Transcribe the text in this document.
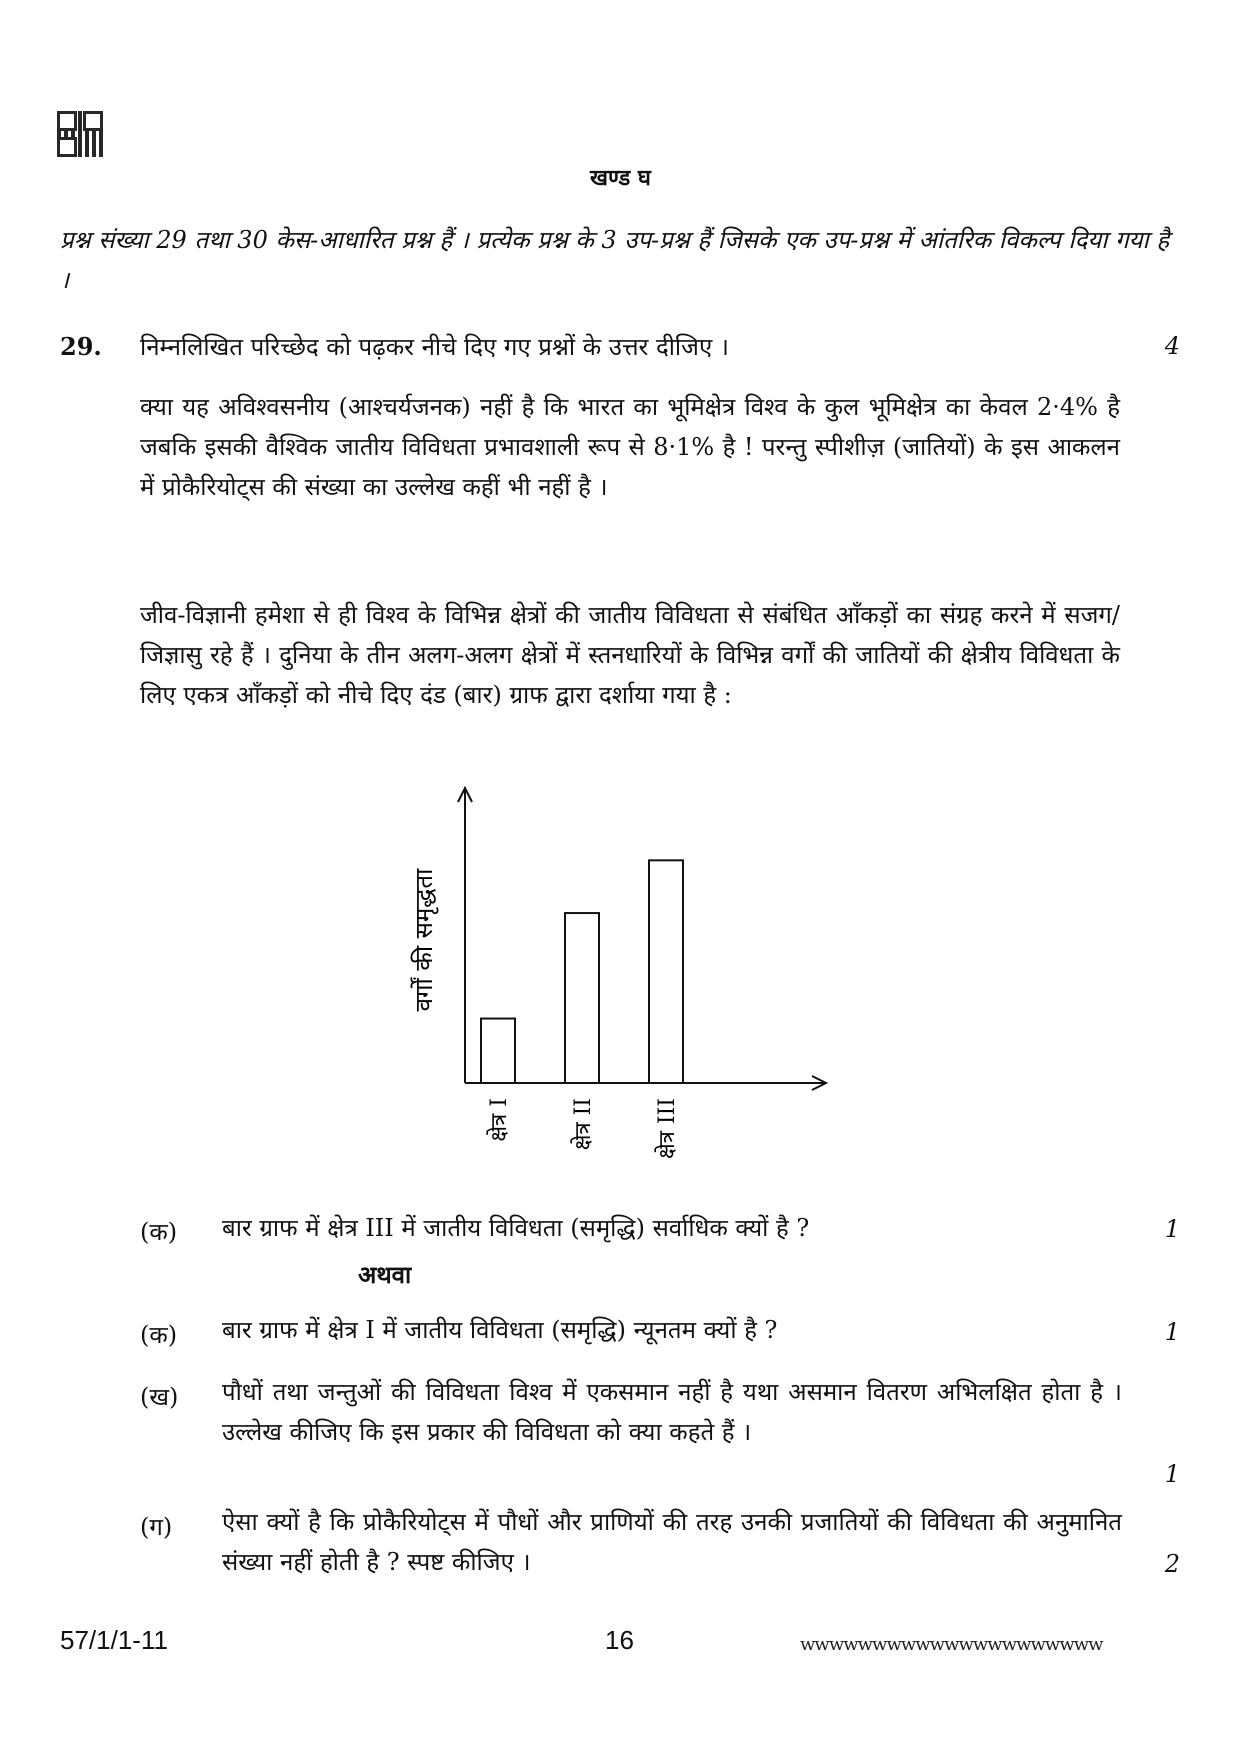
खण्ड घ
प्रश्न संख्या 29 तथा 30 केस-आधारित प्रश्न हैं । प्रत्येक प्रश्न के 3 उप-प्रश्न हैं जिसके एक उप-प्रश्न में आंतरिक विकल्प दिया गया है ।
29. निम्नलिखित परिच्छेद को पढ़कर नीचे दिए गए प्रश्नों के उत्तर दीजिए ।	4
क्या यह अविश्वसनीय (आश्चर्यजनक) नहीं है कि भारत का भूमिक्षेत्र विश्व के कुल भूमिक्षेत्र का केवल 2·4% है जबकि इसकी वैश्विक जातीय विविधता प्रभावशाली रूप से 8·1% है ! परन्तु स्पीशीज़ (जातियों) के इस आकलन में प्रोकैरियोट्स की संख्या का उल्लेख कहीं भी नहीं है ।
जीव-विज्ञानी हमेशा से ही विश्व के विभिन्न क्षेत्रों की जातीय विविधता से संबंधित आँकड़ों का संग्रह करने में सजग/जिज्ञासु रहे हैं । दुनिया के तीन अलग-अलग क्षेत्रों में स्तनधारियों के विभिन्न वर्गों की जातियों की क्षेत्रीय विविधता के लिए एकत्र आँकड़ों को नीचे दिए दंड (बार) ग्राफ द्वारा दर्शाया गया है :
क्षेत्र I	क्षेत्र II	क्षेत्र III
वर्गों की समृद्धता
(क) बार ग्राफ में क्षेत्र III में जातीय विविधता (समृद्धि) सर्वाधिक क्यों है ?	1
अथवा
(क) बार ग्राफ में क्षेत्र I में जातीय विविधता (समृद्धि) न्यूनतम क्यों है ?	1
(ख) पौधों तथा जन्तुओं की विविधता विश्व में एकसमान नहीं है यथा असमान वितरण अभिलक्षित होता है । उल्लेख कीजिए कि इस प्रकार की विविधता को क्या कहते हैं ।
1
(ग) ऐसा क्यों है कि प्रोकैरियोट्स में पौधों और प्राणियों की तरह उनकी प्रजातियों की विविधता की अनुमानित संख्या नहीं होती है ? स्पष्ट कीजिए ।	2
57/1/1-11	16	wwwwwwwwwwwwwwwwwwwww
